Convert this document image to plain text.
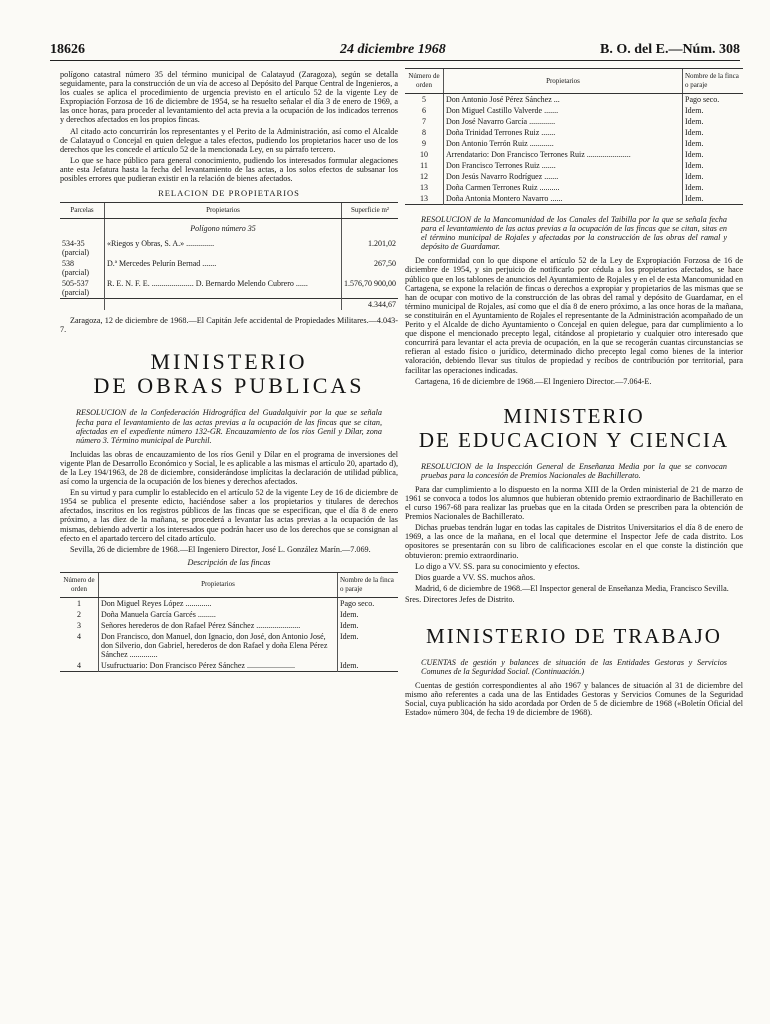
18626	24 diciembre 1968	B. O. del E.—Núm. 308

polígono catastral número 35 del término municipal de Calatayud (Zaragoza), según se detalla seguidamente, para la construcción de un vía de acceso al Depósito del Parque Central de Ingenieros, a los cuales se aplica el procedimiento de urgencia previsto en el artículo 52 de la vigente Ley de Expropiación Forzosa de 16 de diciembre de 1954, se ha resuelto señalar el día 3 de enero de 1969, a las once horas, para proceder al levantamiento del acta previa a la ocupación de los indicados terrenos y derechos afectados en los propios fincas.

Al citado acto concurrirán los representantes y el Perito de la Administración, así como el Alcalde de Calatayud o Concejal en quien delegue a tales efectos, pudiendo los propietarios hacer uso de los derechos que les concede el artículo 52 de la mencionada Ley, en su párrafo tercero.

Lo que se hace público para general conocimiento, pudiendo los interesados formular alegaciones ante esta Jefatura hasta la fecha del levantamiento de las actas, a los solos efectos de subsanar los posibles errores que pudieran existir en la relación de bienes afectados.

RELACION DE PROPIETARIOS
Parcelas	Propietarios	Superficie m²
	Polígono número 35	
534-35 (parcial)	«Riegos y Obras, S. A.» ..............	1.201,02
538 (parcial)	D.ª Mercedes Pelurín Bernad .......	267,50
505-537 (parcial)	R. E. N. F. E. ..................... D. Bernardo Melendo Cubrero ......	1.576,70 900,00
		4.344,67

Zaragoza, 12 de diciembre de 1968.—El Capitán Jefe accidental de Propiedades Militares.—4.043-7.

MINISTERIO
DE OBRAS PUBLICAS

RESOLUCION de la Confederación Hidrográfica del Guadalquivir por la que se señala fecha para el levantamiento de las actas previas a la ocupación de las fincas que se citan, afectadas en el expediente número 132-GR. Encauzamiento de los ríos Genil y Dílar, zona número 3. Término municipal de Purchil.

Incluidas las obras de encauzamiento de los ríos Genil y Dílar en el programa de inversiones del vigente Plan de Desarrollo Económico y Social, le es aplicable a las mismas el artículo 20, apartado d), de la Ley 194/1963, de 28 de diciembre, considerándose implícitas la declaración de utilidad pública, así como la urgencia de la ocupación de los bienes y derechos afectados.

En su virtud y para cumplir lo establecido en el artículo 52 de la vigente Ley de 16 de diciembre de 1954 se publica el presente edicto, haciéndose saber a los propietarios y titulares de derechos afectados, inscritos en los registros públicos de las fincas que se especifican, que el día 8 de enero próximo, a las diez de la mañana, se procederá a levantar las actas previas a la ocupación de las mismas, debiendo advertir a los interesados que podrán hacer uso de los derechos que se consignan al efecto en el apartado tercero del citado artículo.

Sevilla, 26 de diciembre de 1968.—El Ingeniero Director, José L. González Marín.—7.069.

Descripción de las fincas
Número de orden	Propietarios	Nombre de la finca o paraje
1	Don Miguel Reyes López .............	Pago seco.
2	Doña Manuela García Garcés .........	Idem.
3	Señores herederos de don Rafael Pérez Sánchez ......................	Idem.
4	Don Francisco, don Manuel, don Ignacio, don José, don Antonio José, don Silverio, don Gabriel, herederos de don Rafael y doña Elena Pérez Sánchez ..............	Idem.
4	Usufructuario: Don Francisco Pérez Sánchez ........................	Idem.
Número de orden	Propietarios	Nombre de la finca o paraje
5	Don Antonio José Pérez Sánchez ...	Pago seco.
6	Don Miguel Castillo Valverde .......	Idem.
7	Don José Navarro García .............	Idem.
8	Doña Trinidad Terrones Ruiz .......	Idem.
9	Don Antonio Terrón Ruiz ............	Idem.
10	Arrendatario: Don Francisco Terrones Ruiz ......................	Idem.
11	Don Francisco Terrones Ruiz .......	Idem.
12	Don Jesús Navarro Rodríguez .......	Idem.
13	Doña Carmen Terrones Ruiz ..........	Idem.
13	Doña Antonia Montero Navarro ......	Idem.

RESOLUCION de la Mancomunidad de los Canales del Taibilla por la que se señala fecha para el levantamiento de las actas previas a la ocupación de las fincas que se citan, sitas en el término municipal de Rojales y afectadas por la construcción de las obras del ramal y depósito de Guardamar.

De conformidad con lo que dispone el artículo 52 de la Ley de Expropiación Forzosa de 16 de diciembre de 1954, y sin perjuicio de notificarlo por cédula a los propietarios afectados, se hace público que en los tablones de anuncios del Ayuntamiento de Rojales y en el de esta Mancomunidad en Cartagena, se expone la relación de fincas o derechos a expropiar y propietarios de las mismas que se han de ocupar con motivo de la construcción de las obras del ramal y depósito de Guardamar, en el término municipal de Rojales, así como que el día 8 de enero próximo, a las once horas de la mañana, se constituirán en el Ayuntamiento de Rojales el representante de la Administración acompañado de un Perito y el Alcalde de dicho Ayuntamiento o Concejal en quien delegue, para dar cumplimiento a lo que dispone el mencionado precepto legal, citándose al propietario y cualquier otro interesado que concurrirá para levantar el acta previa de ocupación, en la que se recogerán cuantas circunstancias se refieran al estado físico o jurídico, determinado dicho precepto legal como bienes de la interior valoración, debiendo llevar sus títulos de propiedad y recibos de contribución por territorial, para facilitar las operaciones indicadas.

Cartagena, 16 de diciembre de 1968.—El Ingeniero Director.—7.064-E.

MINISTERIO
DE EDUCACION Y CIENCIA

RESOLUCION de la Inspección General de Enseñanza Media por la que se convocan pruebas para la concesión de Premios Nacionales de Bachillerato.

Para dar cumplimiento a lo dispuesto en la norma XIII de la Orden ministerial de 21 de marzo de 1961 se convoca a todos los alumnos que hubieran obtenido premio extraordinario de Bachillerato en el curso 1967-68 para realizar las pruebas que en la citada Orden se prescriben para la obtención de Premios Nacionales de Bachillerato.

Dichas pruebas tendrán lugar en todas las capitales de Distritos Universitarios el día 8 de enero de 1969, a las once de la mañana, en el local que determine el Inspector Jefe de cada distrito. Los opositores se presentarán con su libro de calificaciones escolar en el que conste la distinción que obtuvieron: premio extraordinario.

Lo digo a VV. SS. para su conocimiento y efectos.

Dios guarde a VV. SS. muchos años.

Madrid, 6 de diciembre de 1968.—El Inspector general de Enseñanza Media, Francisco Sevilla.

Sres. Directores Jefes de Distrito.

MINISTERIO DE TRABAJO

CUENTAS de gestión y balances de situación de las Entidades Gestoras y Servicios Comunes de la Seguridad Social. (Continuación.)

Cuentas de gestión correspondientes al año 1967 y balances de situación al 31 de diciembre del mismo año referentes a cada una de las Entidades Gestoras y Servicios Comunes de la Seguridad Social, cuya publicación ha sido acordada por Orden de 5 de diciembre de 1968 («Boletín Oficial del Estado» número 304, de fecha 19 de diciembre de 1968).
